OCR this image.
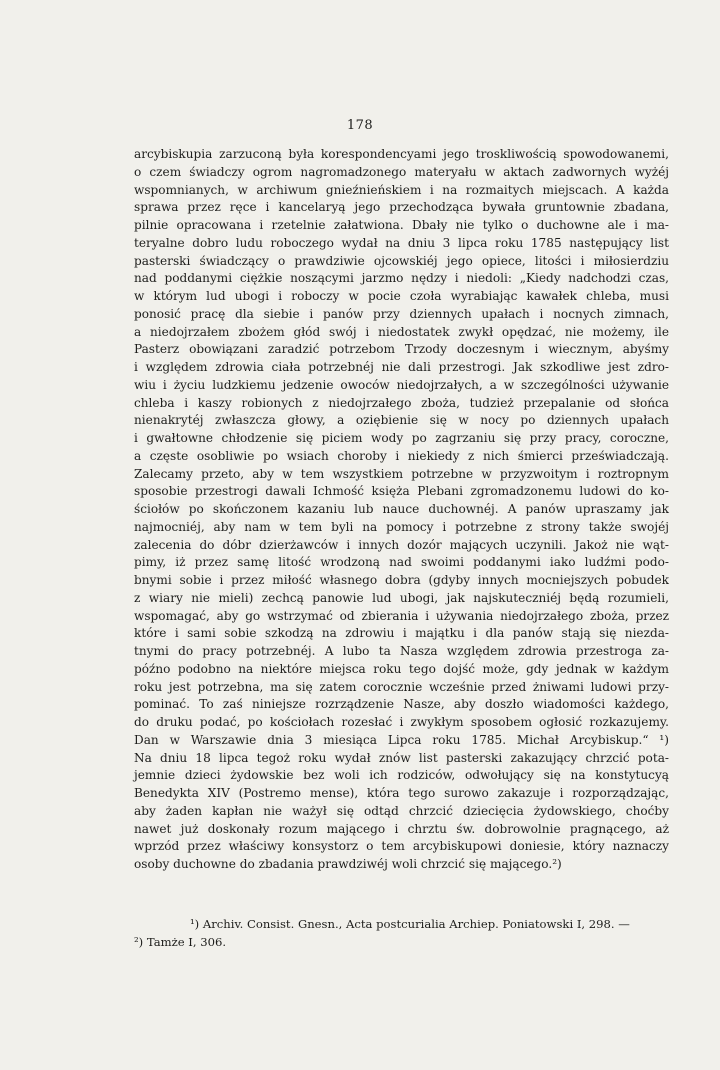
178
arcybiskupia zarzuconą była korespondencyami jego troskliwością spowodowanemi,
o czem świadczy ogrom nagromadzonego materyału w aktach zadwornych wyżéj
wspomnianych, w archiwum gnieźnieńskiem i na rozmaitych miejscach. A każda
sprawa przez ręce i kancelaryą jego przechodząca bywała gruntownie zbadana,
pilnie opracowana i rzetelnie załatwiona. Dbały nie tylko o duchowne ale i ma-
teryalne dobro ludu roboczego wydał na dniu 3 lipca roku 1785 następujący list
pasterski świadczący o prawdziwie ojcowskiéj jego opiece, litości i miłosierdziu
nad poddanymi ciężkie noszącymi jarzmo nędzy i niedoli: „Kiedy nadchodzi czas,
w którym lud ubogi i roboczy w pocie czoła wyrabiając kawałek chleba, musi
ponosić pracę dla siebie i panów przy dziennych upałach i nocnych zimnach,
a niedojrzałem zbożem głód swój i niedostatek zwykł opędzać, nie możemy, ile
Pasterz obowiązani zaradzić potrzebom Trzody doczesnym i wiecznym, abyśmy
i względem zdrowia ciała potrzebnéj nie dali przestrogi. Jak szkodliwe jest zdro-
wiu i życiu ludzkiemu jedzenie owoców niedojrzałych, a w szczególności używanie
chleba i kaszy robionych z niedojrzałego zboża, tudzież przepalanie od słońca
nienakrytéj zwłaszcza głowy, a oziębienie się w nocy po dziennych upałach
i gwałtowne chłodzenie się piciem wody po zagrzaniu się przy pracy, coroczne,
a częste osobliwie po wsiach choroby i niekiedy z nich śmierci przeświadczają.
Zalecamy przeto, aby w tem wszystkiem potrzebne w przyzwoitym i roztropnym
sposobie przestrogi dawali Ichmość księża Plebani zgromadzonemu ludowi do ko-
ściołów po skończonem kazaniu lub nauce duchownéj. A panów upraszamy jak
najmocniéj, aby nam w tem byli na pomocy i potrzebne z strony także swojéj
zalecenia do dóbr dzierżawców i innych dozór mających uczynili. Jakoż nie wąt-
pimy, iż przez samę litość wrodzoną nad swoimi poddanymi iako ludźmi podo-
bnymi sobie i przez miłość własnego dobra (gdyby innych mocniejszych pobudek
z wiary nie mieli) zechcą panowie lud ubogi, jak najskuteczniéj będą rozumieli,
wspomagać, aby go wstrzymać od zbierania i używania niedojrzałego zboża, przez
które i sami sobie szkodzą na zdrowiu i majątku i dla panów stają się niezda-
tnymi do pracy potrzebnéj. A lubo ta Nasza względem zdrowia przestroga za-
późno podobno na niektóre miejsca roku tego dojść może, gdy jednak w każdym
roku jest potrzebna, ma się zatem corocznie wcześnie przed żniwami ludowi przy-
pominać. To zaś niniejsze rozrządzenie Nasze, aby doszło wiadomości każdego,
do druku podać, po kościołach rozesłać i zwykłym sposobem ogłosić rozkazujemy.
Dan w Warszawie dnia 3 miesiąca Lipca roku 1785. Michał Arcybiskup.“ ¹)
Na dniu 18 lipca tegoż roku wydał znów list pasterski zakazujący chrzcić pota-
jemnie dzieci żydowskie bez woli ich rodziców, odwołujący się na konstytucyą
Benedykta XIV (Postremo mense), która tego surowo zakazuje i rozporządzając,
aby żaden kapłan nie ważył się odtąd chrzcić dziecięcia żydowskiego, choćby
nawet już doskonały rozum mającego i chrztu św. dobrowolnie pragnącego, aż
wprzód przez właściwy konsystorz o tem arcybiskupowi doniesie, który naznaczy
osoby duchowne do zbadania prawdziwéj woli chrzcić się mającego.²)
¹) Archiv. Consist. Gnesn., Acta postcurialia Archiep. Poniatowski I, 298. —
²) Tamże I, 306.
